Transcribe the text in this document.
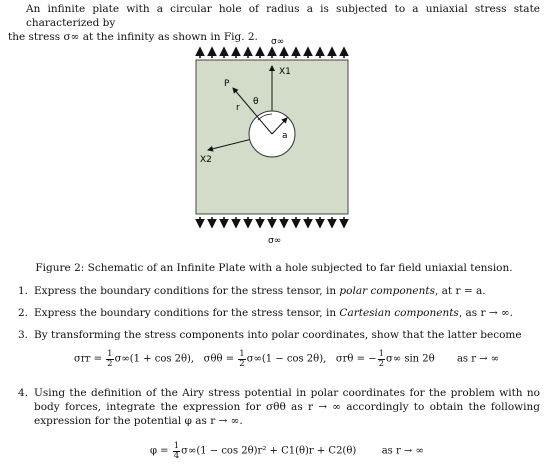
An infinite plate with a circular hole of radius a is subjected to a uniaxial stress state characterized by
the stress σ∞ at the infinity as shown in Fig. 2.	σ∞
X1
X2
a
P
r
θ
σ∞
Figure 2: Schematic of an Infinite Plate with a hole subjected to far field uniaxial tension.
1. Express the boundary conditions for the stress tensor, in polar components, at r = a.
2. Express the boundary conditions for the stress tensor, in Cartesian components, as r → ∞.
3. By transforming the stress components into polar coordinates, show that the latter become
$\sigma rr = \frac{1}{2} \sigma\infty(1 + \cos 2\theta)$, $\sigma\theta\theta = \frac{1}{2} \sigma\infty(1 - \cos 2\theta)$, σrθ = − $\frac{1}{2} \sigma\infty$ sin 2θ as r → ∞
4. Using the definition of the Airy stress potential in polar coordinates for the problem with no body forces, integrate the expression for σθθ as r → ∞ accordingly to obtain the following expression for the potential φ as r → ∞.
$\varphi = \frac{1}{4} \sigma\infty(1 - \cos 2\theta)r^2 + C1(\theta)r + C2(\theta)$	as r → ∞
